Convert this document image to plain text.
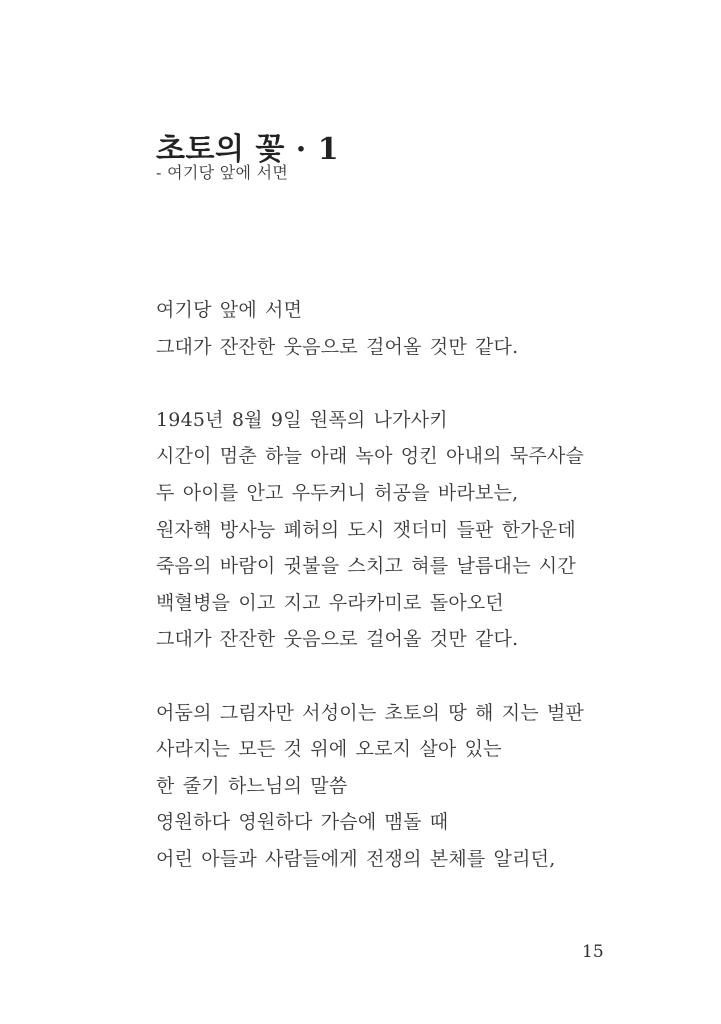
초토의 꽃 · 1
- 여기당 앞에 서면
여기당 앞에 서면
그대가 잔잔한 웃음으로 걸어올 것만 같다.
1945년 8월 9일 원폭의 나가사키
시간이 멈춘 하늘 아래 녹아 엉킨 아내의 묵주사슬
두 아이를 안고 우두커니 허공을 바라보는,
원자핵 방사능 폐허의 도시 잿더미 들판 한가운데
죽음의 바람이 귓불을 스치고 혀를 날름대는 시간
백혈병을 이고 지고 우라카미로 돌아오던
그대가 잔잔한 웃음으로 걸어올 것만 같다.
어둠의 그림자만 서성이는 초토의 땅 해 지는 벌판
사라지는 모든 것 위에 오로지 살아 있는
한 줄기 하느님의 말씀
영원하다 영원하다 가슴에 맴돌 때
어린 아들과 사람들에게 전쟁의 본체를 알리던,
15
